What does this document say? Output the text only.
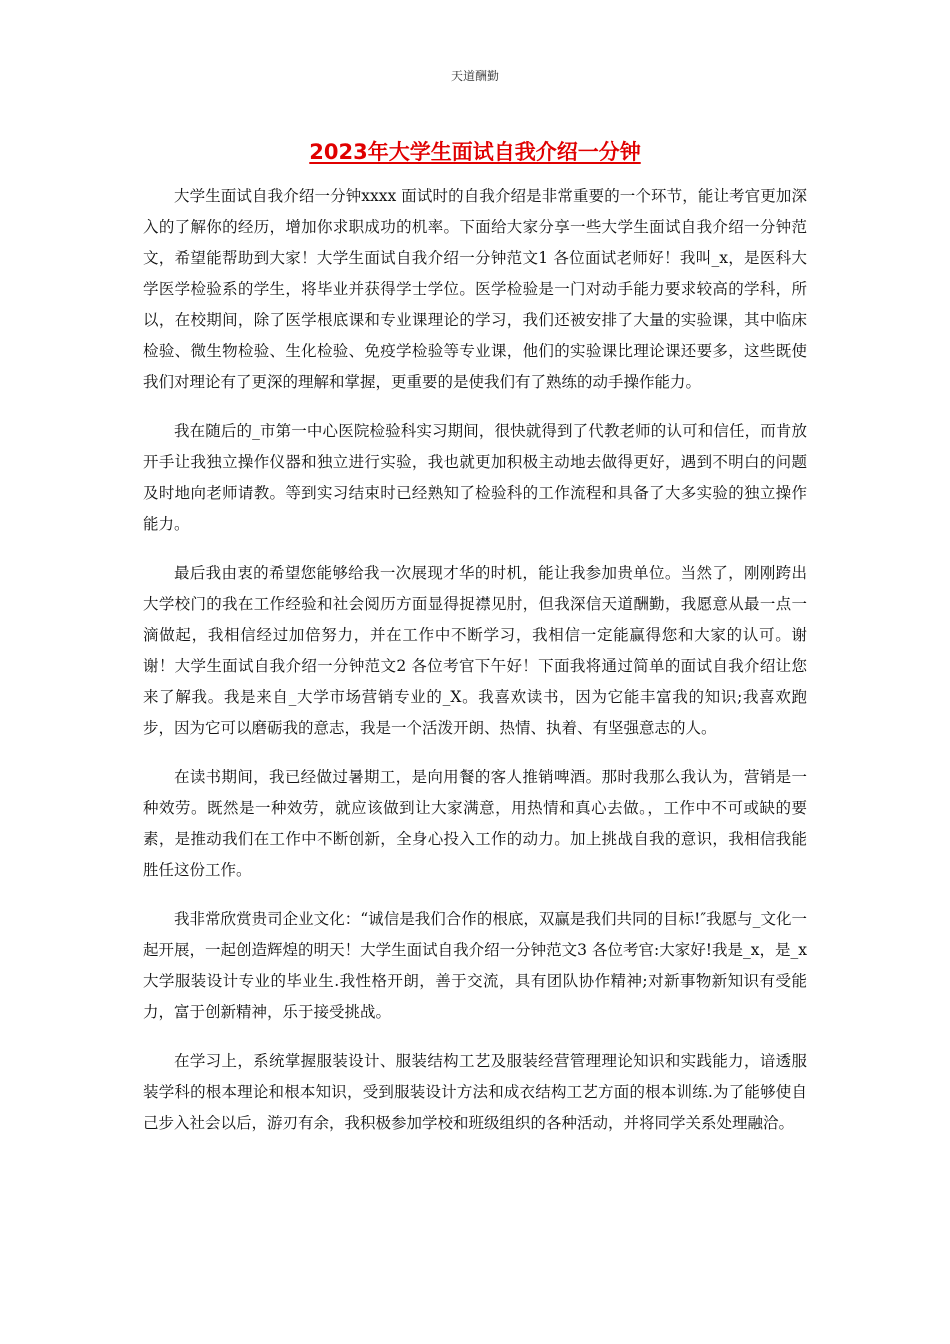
天道酬勤
2023年大学生面试自我介绍一分钟

大学生面试自我介绍一分钟xxxx 面试时的自我介绍是非常重要的一个环节，能让考官更加深入的了解你的经历，增加你求职成功的机率。下面给大家分享一些大学生面试自我介绍一分钟范文，希望能帮助到大家！大学生面试自我介绍一分钟范文1 各位面试老师好！我叫_x，是医科大学医学检验系的学生，将毕业并获得学士学位。医学检验是一门对动手能力要求较高的学科，所以，在校期间，除了医学根底课和专业课理论的学习，我们还被安排了大量的实验课，其中临床检验、微生物检验、生化检验、免疫学检验等专业课，他们的实验课比理论课还要多，这些既使我们对理论有了更深的理解和掌握，更重要的是使我们有了熟练的动手操作能力。

我在随后的_市第一中心医院检验科实习期间，很快就得到了代教老师的认可和信任，而肯放开手让我独立操作仪器和独立进行实验，我也就更加积极主动地去做得更好，遇到不明白的问题及时地向老师请教。等到实习结束时已经熟知了检验科的工作流程和具备了大多实验的独立操作能力。

最后我由衷的希望您能够给我一次展现才华的时机，能让我参加贵单位。当然了，刚刚跨出大学校门的我在工作经验和社会阅历方面显得捉襟见肘，但我深信天道酬勤，我愿意从最一点一滴做起，我相信经过加倍努力，并在工作中不断学习，我相信一定能赢得您和大家的认可。谢谢！大学生面试自我介绍一分钟范文2 各位考官下午好！下面我将通过简单的面试自我介绍让您来了解我。我是来自_大学市场营销专业的_X。我喜欢读书，因为它能丰富我的知识;我喜欢跑步，因为它可以磨砺我的意志，我是一个活泼开朗、热情、执着、有坚强意志的人。

在读书期间，我已经做过暑期工，是向用餐的客人推销啤酒。那时我那么我认为，营销是一种效劳。既然是一种效劳，就应该做到让大家满意，用热情和真心去做。，工作中不可或缺的要素，是推动我们在工作中不断创新，全身心投入工作的动力。加上挑战自我的意识，我相信我能胜任这份工作。

我非常欣赏贵司企业文化：“诚信是我们合作的根底，双赢是我们共同的目标!″我愿与_文化一起开展，一起创造辉煌的明天！大学生面试自我介绍一分钟范文3 各位考官:大家好!我是_x，是_x 大学服装设计专业的毕业生.我性格开朗，善于交流，具有团队协作精神;对新事物新知识有受能力，富于创新精神，乐于接受挑战。

在学习上，系统掌握服装设计、服装结构工艺及服装经营管理理论知识和实践能力，谙透服装学科的根本理论和根本知识，受到服装设计方法和成衣结构工艺方面的根本训练.为了能够使自己步入社会以后，游刃有余，我积极参加学校和班级组织的各种活动，并将同学关系处理融洽。
